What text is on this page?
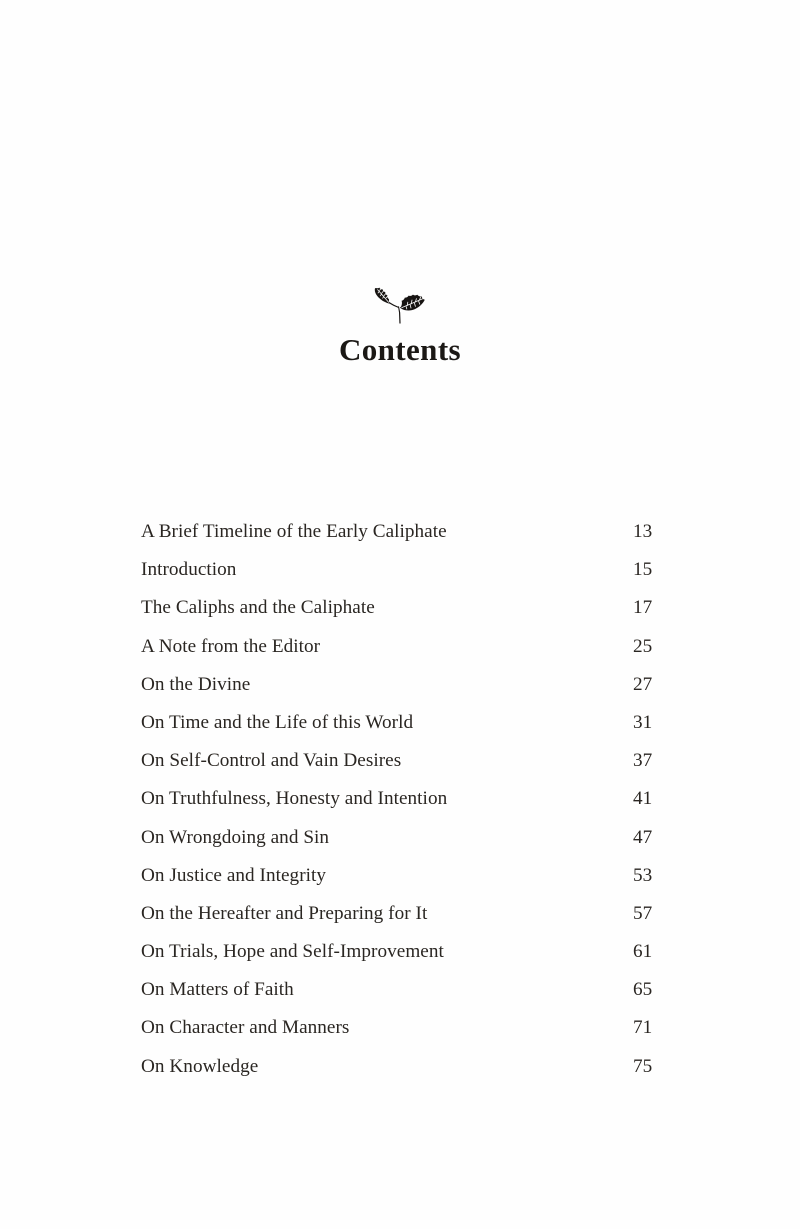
Contents
A Brief Timeline of the Early Caliphate	13
Introduction	15
The Caliphs and the Caliphate	17
A Note from the Editor	25
On the Divine	27
On Time and the Life of this World	31
On Self-Control and Vain Desires	37
On Truthfulness, Honesty and Intention	41
On Wrongdoing and Sin	47
On Justice and Integrity	53
On the Hereafter and Preparing for It	57
On Trials, Hope and Self-Improvement	61
On Matters of Faith	65
On Character and Manners	71
On Knowledge	75
